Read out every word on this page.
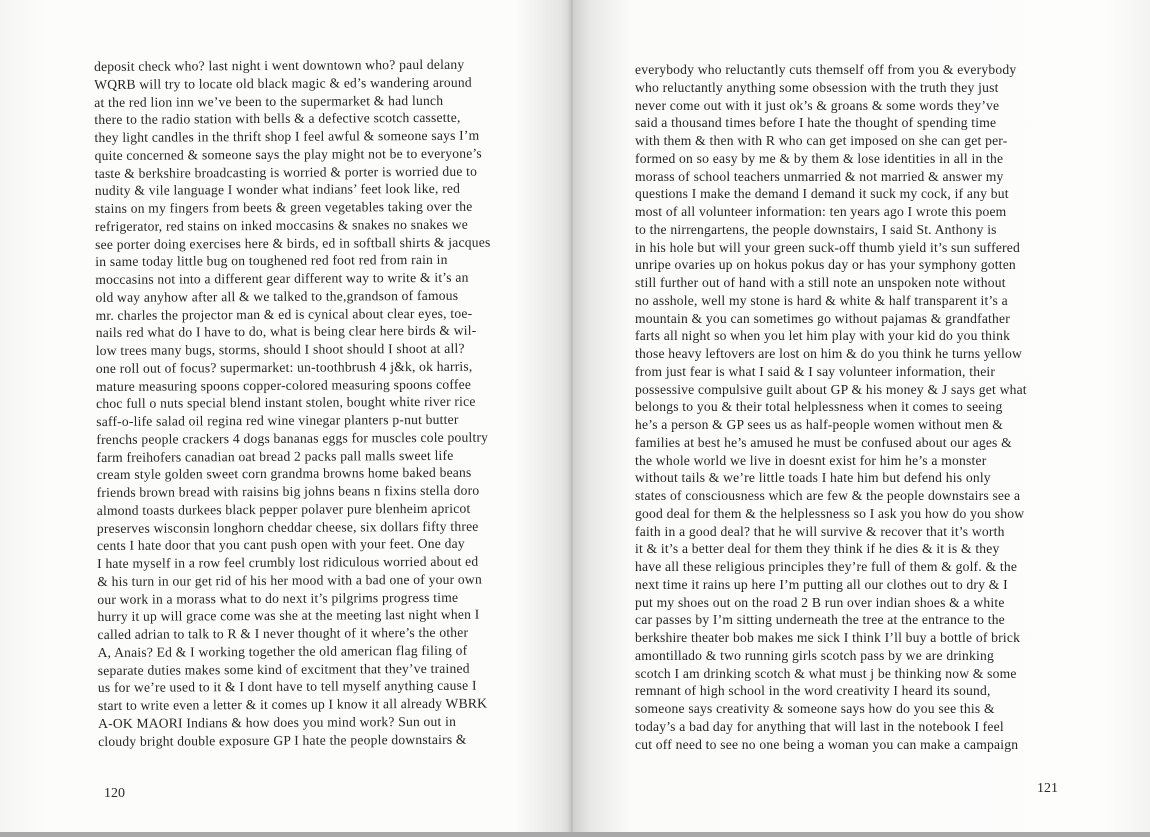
deposit check who? last night i went downtown who? paul delany
WQRB will try to locate old black magic & ed’s wandering around
at the red lion inn we’ve been to the supermarket & had lunch
there to the radio station with bells & a defective scotch cassette,
they light candles in the thrift shop I feel awful & someone says I’m
quite concerned & someone says the play might not be to everyone’s
taste & berkshire broadcasting is worried & porter is worried due to
nudity & vile language I wonder what indians’ feet look like, red
stains on my fingers from beets & green vegetables taking over the
refrigerator, red stains on inked moccasins & snakes no snakes we
see porter doing exercises here & birds, ed in softball shirts & jacques
in same today little bug on toughened red foot red from rain in
moccasins not into a different gear different way to write & it’s an
old way anyhow after all & we talked to the,grandson of famous
mr. charles the projector man & ed is cynical about clear eyes, toe-
nails red what do I have to do, what is being clear here birds & wil-
low trees many bugs, storms, should I shoot should I shoot at all?
one roll out of focus? supermarket: un-toothbrush 4 j&k, ok harris,
mature measuring spoons copper-colored measuring spoons coffee
choc full o nuts special blend instant stolen, bought white river rice
saff-o-life salad oil regina red wine vinegar planters p-nut butter
frenchs people crackers 4 dogs bananas eggs for muscles cole poultry
farm freihofers canadian oat bread 2 packs pall malls sweet life
cream style golden sweet corn grandma browns home baked beans
friends brown bread with raisins big johns beans n fixins stella doro
almond toasts durkees black pepper polaver pure blenheim apricot
preserves wisconsin longhorn cheddar cheese, six dollars fifty three
cents I hate door that you cant push open with your feet. One day
I hate myself in a row feel crumbly lost ridiculous worried about ed
& his turn in our get rid of his her mood with a bad one of your own
our work in a morass what to do next it’s pilgrims progress time
hurry it up will grace come was she at the meeting last night when I
called adrian to talk to R & I never thought of it where’s the other
A, Anais? Ed & I working together the old american flag filing of
separate duties makes some kind of excitment that they’ve trained
us for we’re used to it & I dont have to tell myself anything cause I
start to write even a letter & it comes up I know it all already WBRK
A-OK MAORI Indians & how does you mind work? Sun out in
cloudy bright double exposure GP I hate the people downstairs &
120
everybody who reluctantly cuts themself off from you & everybody
who reluctantly anything some obsession with the truth they just
never come out with it just ok’s & groans & some words they’ve
said a thousand times before I hate the thought of spending time
with them & then with R who can get imposed on she can get per-
formed on so easy by me & by them & lose identities in all in the
morass of school teachers unmarried & not married & answer my
questions I make the demand I demand it suck my cock, if any but
most of all volunteer information: ten years ago I wrote this poem
to the nirrengartens, the people downstairs, I said St. Anthony is
in his hole but will your green suck-off thumb yield it’s sun suffered
unripe ovaries up on hokus pokus day or has your symphony gotten
still further out of hand with a still note an unspoken note without
no asshole, well my stone is hard & white & half transparent it’s a
mountain & you can sometimes go without pajamas & grandfather
farts all night so when you let him play with your kid do you think
those heavy leftovers are lost on him & do you think he turns yellow
from just fear is what I said & I say volunteer information, their
possessive compulsive guilt about GP & his money & J says get what
belongs to you & their total helplessness when it comes to seeing
he’s a person & GP sees us as half-people women without men &
families at best he’s amused he must be confused about our ages &
the whole world we live in doesnt exist for him he’s a monster
without tails & we’re little toads I hate him but defend his only
states of consciousness which are few & the people downstairs see a
good deal for them & the helplessness so I ask you how do you show
faith in a good deal? that he will survive & recover that it’s worth
it & it’s a better deal for them they think if he dies & it is & they
have all these religious principles they’re full of them & golf. & the
next time it rains up here I’m putting all our clothes out to dry & I
put my shoes out on the road 2 B run over indian shoes & a white
car passes by I’m sitting underneath the tree at the entrance to the
berkshire theater bob makes me sick I think I’ll buy a bottle of brick
amontillado & two running girls scotch pass by we are drinking
scotch I am drinking scotch & what must j be thinking now & some
remnant of high school in the word creativity I heard its sound,
someone says creativity & someone says how do you see this &
today’s a bad day for anything that will last in the notebook I feel
cut off need to see no one being a woman you can make a campaign
121
